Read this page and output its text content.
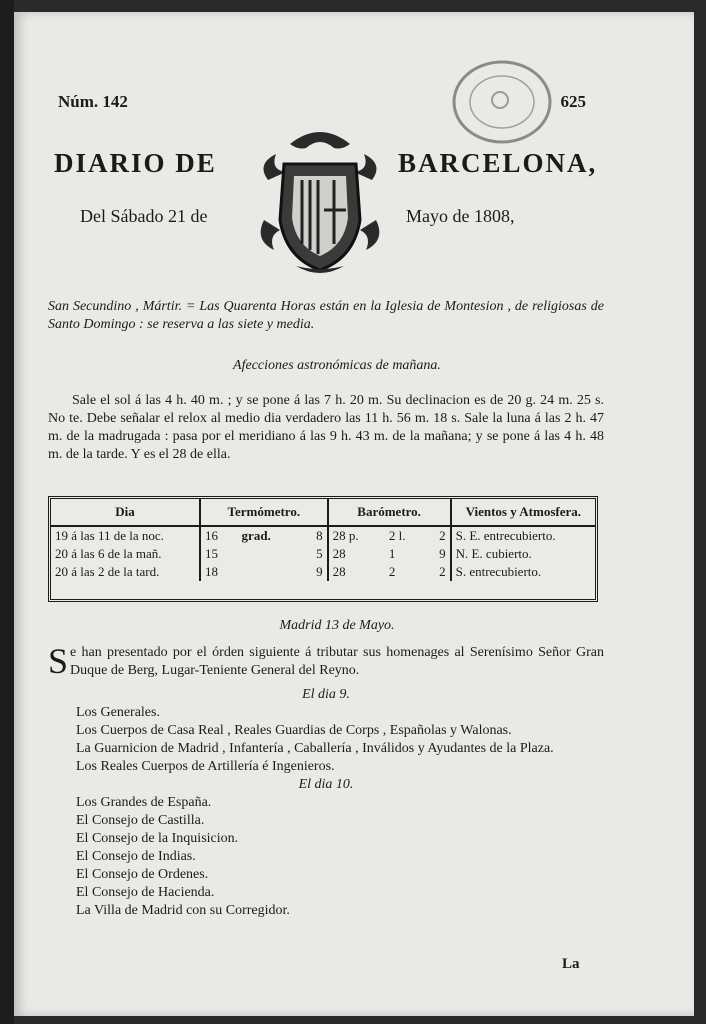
Núm. 142	625
DIARIO DE	BARCELONA,
Del Sábado 21 de	Mayo de 1808,
San Secundino , Mártir. = Las Quarenta Horas están en la Iglesia de Montesion , de religiosas de Santo Domingo : se reserva a las siete y media.
Afecciones astronómicas de mañana.
Sale el sol á las 4 h. 40 m. ; y se pone á las 7 h. 20 m. Su declinacion es de 20 g. 24 m. 25 s. No te. Debe señalar el relox al medio dia verdadero las 11 h. 56 m. 18 s. Sale la luna á las 2 h. 47 m. de la madrugada : pasa por el meridiano á las 9 h. 43 m. de la mañana; y se pone á las 4 h. 48 m. de la tarde. Y es el 28 de ella.
Dia	Termómetro.			Barómetro.			Vientos y Atmosfera.
19 á las 11 de la noc.	16	grad.	8	28 p.	2 l.	2	S. E. entrecubierto.
20 á las 6 de la mañ.	15		5	28	1	9	N. E. cubierto.
20 á las 2 de la tard.	18		9	28	2	2	S. entrecubierto.
Madrid 13 de Mayo.
Se han presentado por el órden siguiente á tributar sus homenages al Serenísimo Señor Gran Duque de Berg, Lugar-Teniente General del Reyno.
El dia 9.
Los Generales.
Los Cuerpos de Casa Real , Reales Guardias de Corps , Españolas y Walonas.
La Guarnicion de Madrid , Infantería , Caballería , Inválidos y Ayudantes de la Plaza.
Los Reales Cuerpos de Artillería é Ingenieros.
El dia 10.
Los Grandes de España.
El Consejo de Castilla.
El Consejo de la Inquisicion.
El Consejo de Indias.
El Consejo de Ordenes.
El Consejo de Hacienda.
La Villa de Madrid con su Corregidor.
La
